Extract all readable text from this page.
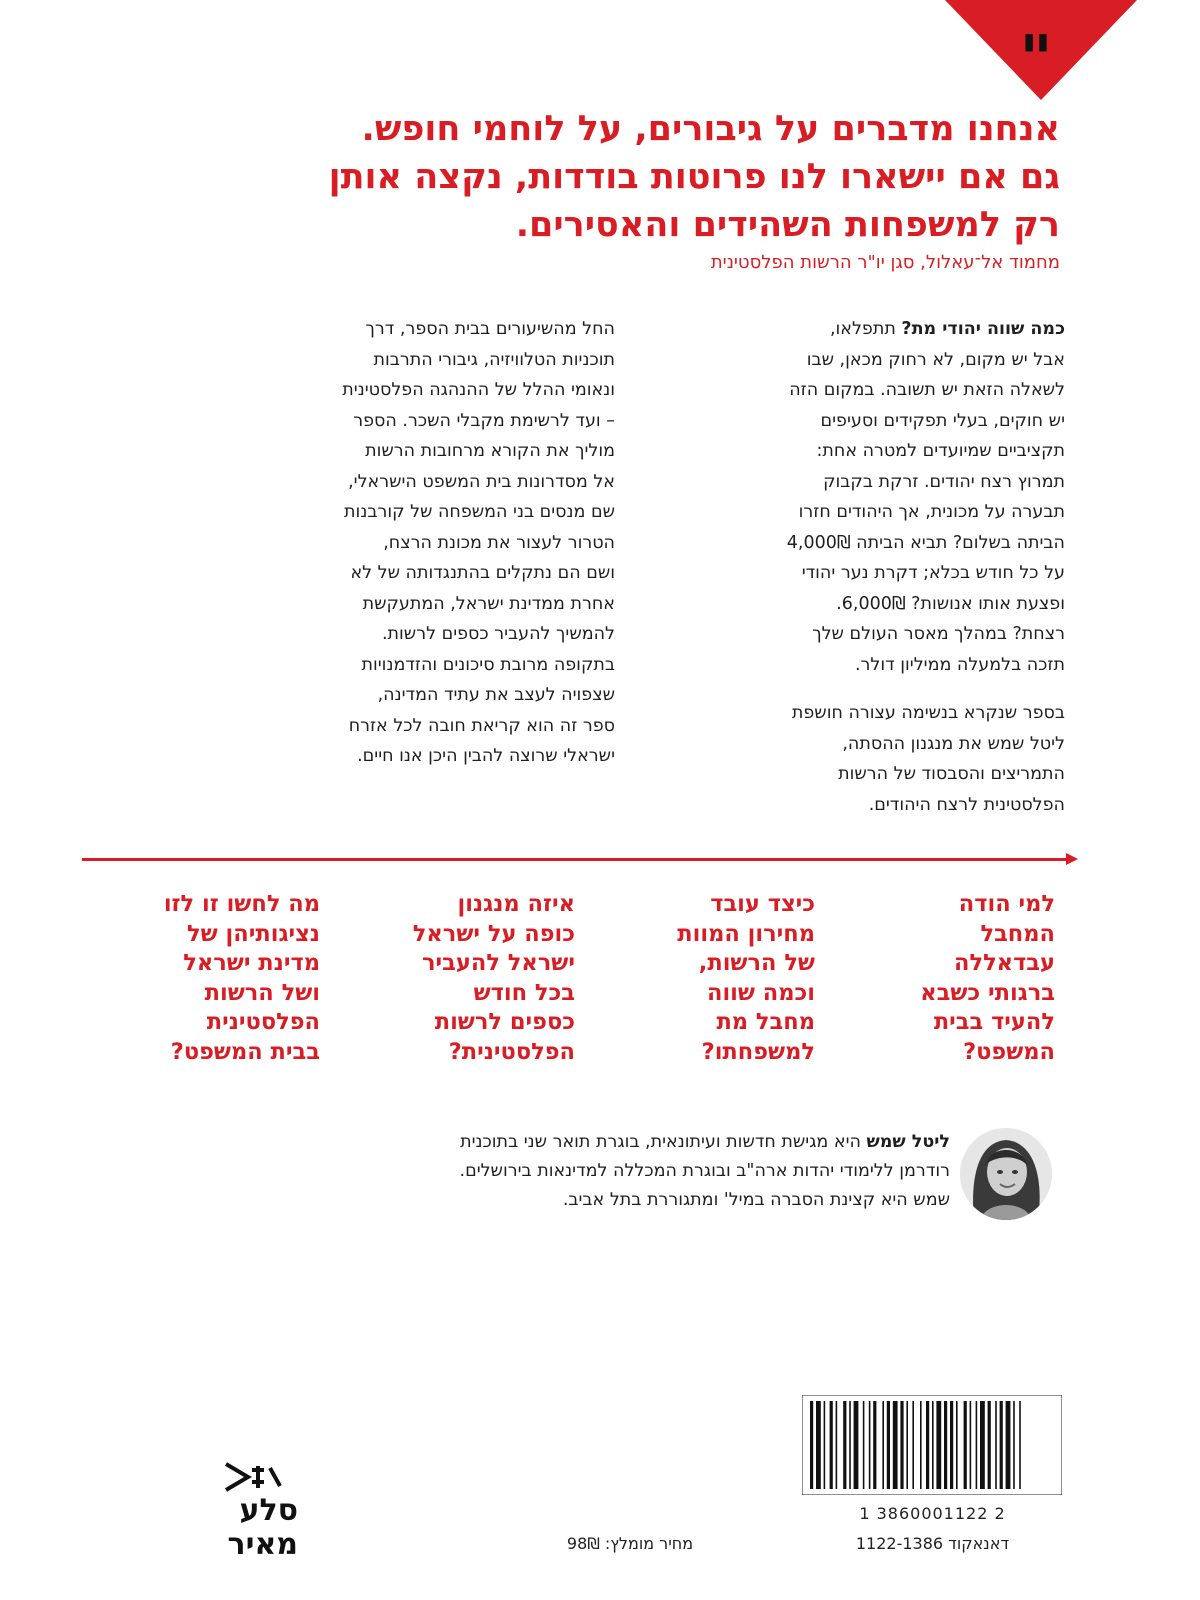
"
אנחנו מדברים על גיבורים, על לוחמי חופש.
גם אם יישארו לנו פרוטות בודדות, נקצה אותן
רק למשפחות השהידים והאסירים.
מחמוד אל־עאלול, סגן יו"ר הרשות הפלסטינית
כמה שווה יהודי מת? תתפלאו,
אבל יש מקום, לא רחוק מכאן, שבו
לשאלה הזאת יש תשובה. במקום הזה
יש חוקים, בעלי תפקידים וסעיפים
תקציביים שמיועדים למטרה אחת:
תמרוץ רצח יהודים. זרקת בקבוק
תבערה על מכונית, אך היהודים חזרו
הביתה בשלום? תביא הביתה 4,000₪
על כל חודש בכלא; דקרת נער יהודי
ופצעת אותו אנושות? 6,000₪.
רצחת? במהלך מאסר העולם שלך
תזכה בלמעלה ממיליון דולר.
בספר שנקרא בנשימה עצורה חושפת
ליטל שמש את מנגנון ההסתה,
התמריצים והסבסוד של הרשות
הפלסטינית לרצח היהודים.
החל מהשיעורים בבית הספר, דרך
תוכניות הטלוויזיה, גיבורי התרבות
ונאומי ההלל של ההנהגה הפלסטינית
– ועד לרשימת מקבלי השכר. הספר
מוליך את הקורא מרחובות הרשות
אל מסדרונות בית המשפט הישראלי,
שם מנסים בני המשפחה של קורבנות
הטרור לעצור את מכונת הרצח,
ושם הם נתקלים בהתנגדותה של לא
אחרת ממדינת ישראל, המתעקשת
להמשיך להעביר כספים לרשות.
בתקופה מרובת סיכונים והזדמנויות
שצפויה לעצב את עתיד המדינה,
ספר זה הוא קריאת חובה לכל אזרח
ישראלי שרוצה להבין היכן אנו חיים.
למי הודה
המחבל
עבדאללה
ברגותי כשבא
להעיד בבית
המשפט?
כיצד עובד
מחירון המוות
של הרשות,
וכמה שווה
מחבל מת
למשפחתו?
איזה מנגנון
כופה על ישראל
ישראל להעביר
בכל חודש
כספים לרשות
הפלסטינית?
מה לחשו זו לזו
נציגותיהן של
מדינת ישראל
ושל הרשות
הפלסטינית
בבית המשפט?
ליטל שמש היא מגישת חדשות ועיתונאית, בוגרת תואר שני בתוכנית
רודרמן ללימודי יהדות ארה"ב ובוגרת המכללה למדינאות בירושלים.
שמש היא קצינת הסברה במיל' ומתגוררת בתל אביב.
1 3860001122 2
דאנאקוד 1122-1386
מחיר מומלץ: 98₪
סלע
מאיר
